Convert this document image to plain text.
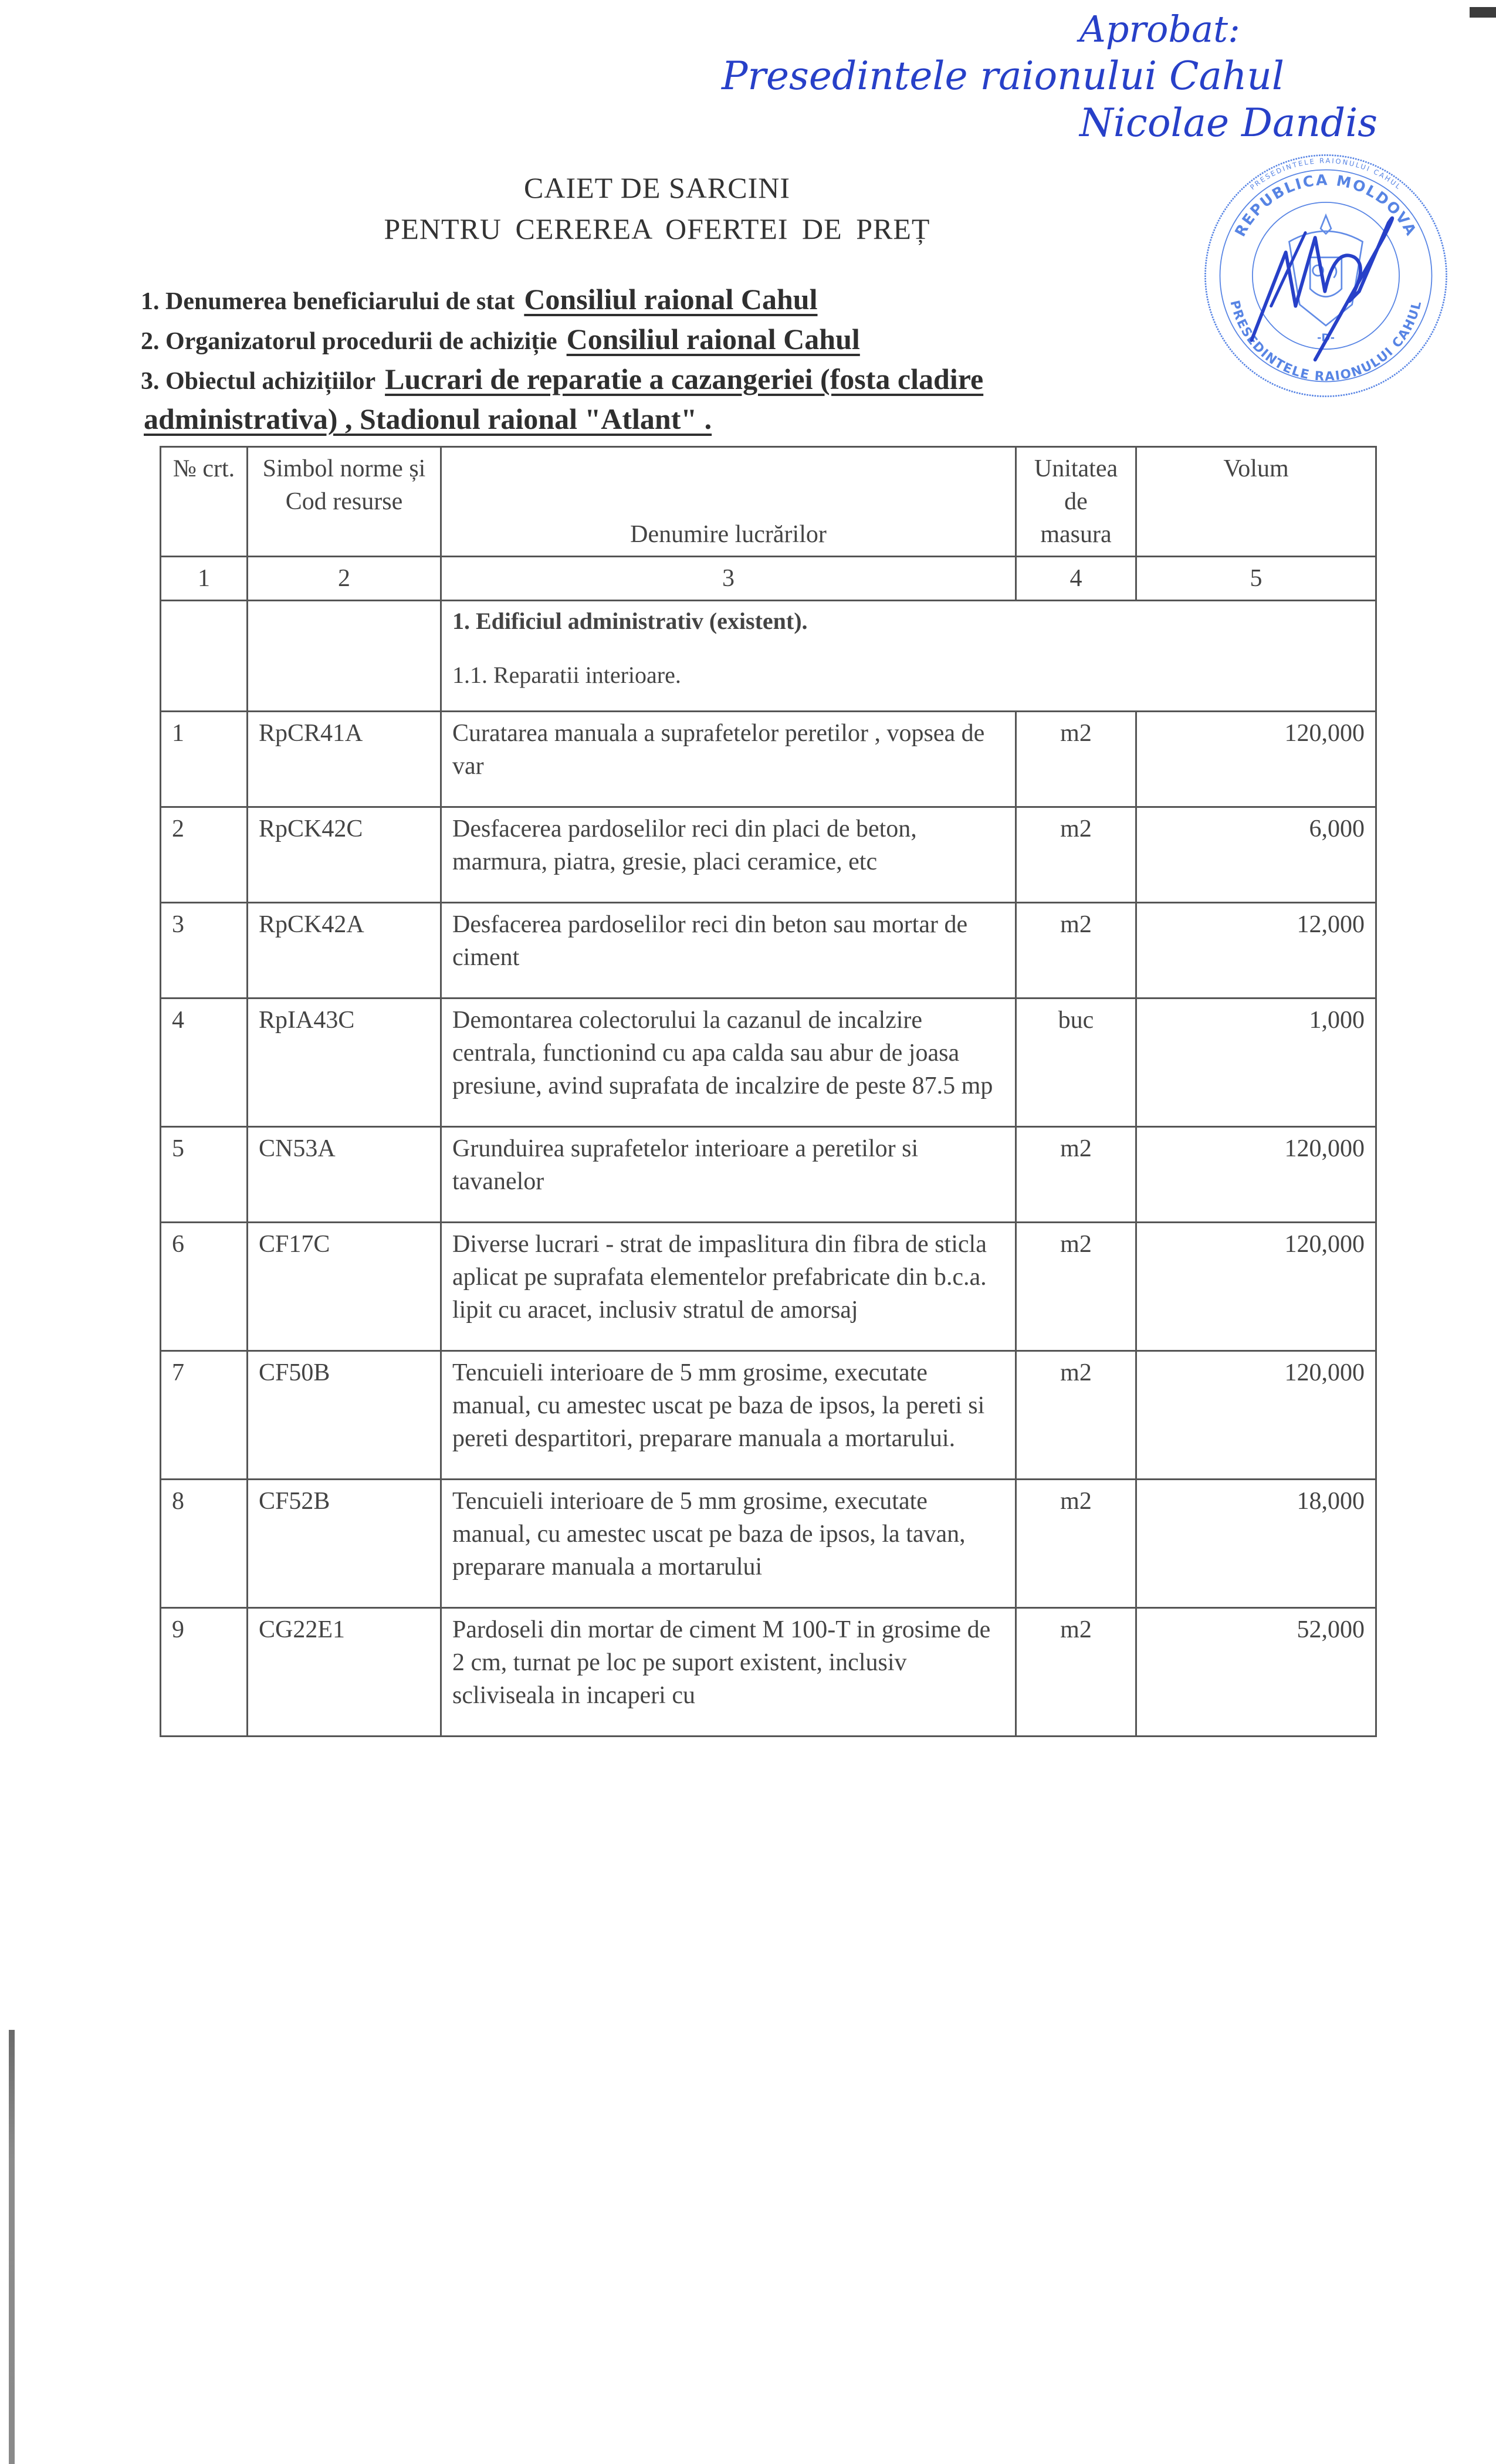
Aprobat:
Presedintele raionului Cahul
Nicolae Dandis
PRESEDINTELE RAIONULUI CAHUL
REPUBLICA MOLDOVA
PRESEDINTELE RAIONULUI CAHUL
-D-
CAIET DE SARCINI
PENTRU CEREREA OFERTEI DE PREȚ
1. Denumerea beneficiarului de stat Consiliul raional Cahul
2. Organizatorul procedurii de achiziție Consiliul raional Cahul
3. Obiectul achizițiilor Lucrari de reparatie a cazangeriei (fosta cladire
administrativa) , Stadionul raional "Atlant" .
№ crt.	Simbol norme și Cod resurse	Denumire lucrărilor	Unitatea de masura	Volum
1	2	3	4	5

		1. Edificiul administrativ (existent).
1.1. Reparatii interioare.		

1	RpCR41A	Curatarea manuala a suprafetelor peretilor , vopsea de var	m2	120,000
2	RpCK42C	Desfacerea pardoselilor reci din placi de beton, marmura, piatra, gresie, placi ceramice, etc	m2	6,000
3	RpCK42A	Desfacerea pardoselilor reci din beton sau mortar de ciment	m2	12,000
4	RpIA43C	Demontarea colectorului la cazanul de incalzire centrala, functionind cu apa calda sau abur de joasa presiune, avind suprafata de incalzire de peste 87.5 mp	buc	1,000
5	CN53A	Grunduirea suprafetelor interioare a peretilor si tavanelor	m2	120,000
6	CF17C	Diverse lucrari - strat de impaslitura din fibra de sticla aplicat pe suprafata elementelor prefabricate din b.c.a. lipit cu aracet, inclusiv stratul de amorsaj	m2	120,000
7	CF50B	Tencuieli interioare de 5 mm grosime, executate manual, cu amestec uscat pe baza de ipsos, la pereti si pereti despartitori, preparare manuala a mortarului.	m2	120,000
8	CF52B	Tencuieli interioare de 5 mm grosime, executate manual, cu amestec uscat pe baza de ipsos, la tavan, preparare manuala a mortarului	m2	18,000
9	CG22E1	Pardoseli din mortar de ciment M 100-T in grosime de 2 cm, turnat pe loc pe suport existent, inclusiv scliviseala in incaperi cu	m2	52,000
